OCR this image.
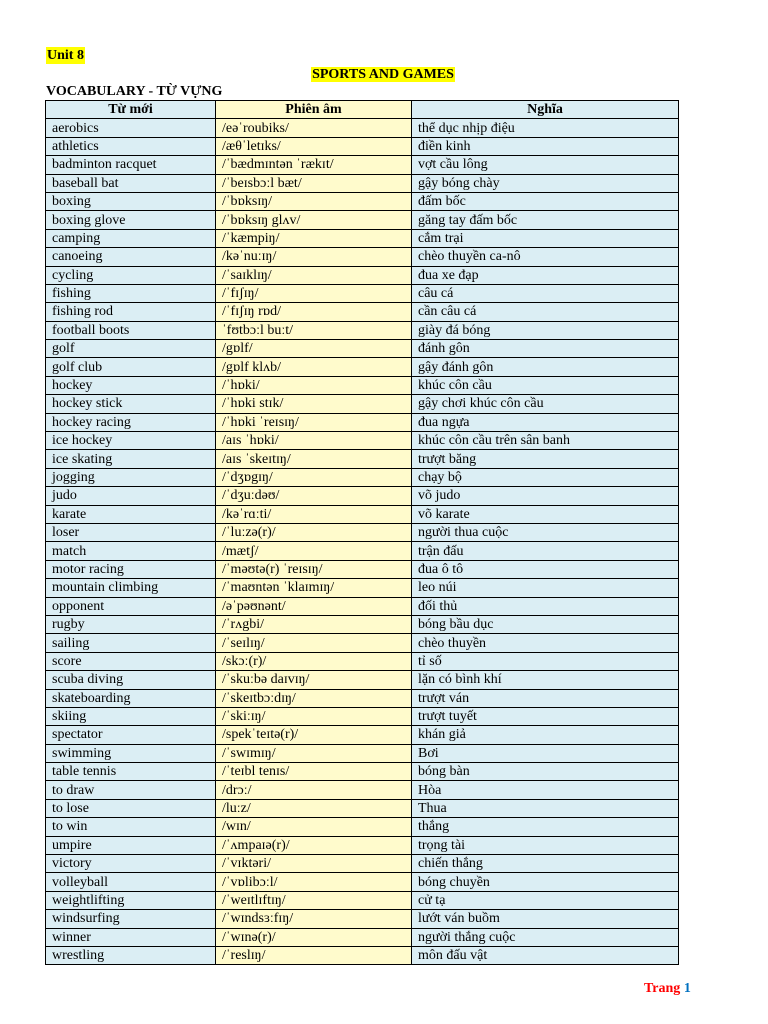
Unit 8
SPORTS AND GAMES
VOCABULARY - TỪ VỰNG
Từ mới	Phiên âm	Nghĩa
aerobics	/eəˈroubiks/	thể dục nhịp điệu
athletics	/æθˈletɪks/	điền kinh
badminton racquet	/ˈbædmɪntən ˈrækɪt/	vợt cầu lông
baseball bat	/ˈbeɪsbɔːl bæt/	gậy bóng chày
boxing	/ˈbɒksɪŋ/	đấm bốc
boxing glove	/ˈbɒksɪŋ glʌv/	găng tay đấm bốc
camping	/ˈkæmpiŋ/	cắm trại
canoeing	/kəˈnuːɪŋ/	chèo thuyền ca-nô
cycling	/ˈsaɪklɪŋ/	đua xe đạp
fishing	/ˈfɪʃɪŋ/	câu cá
fishing rod	/ˈfɪʃɪŋ rɒd/	cần câu cá
football boots	ˈfʊtbɔːl buːt/	giày đá bóng
golf	/gɒlf/	đánh gôn
golf club	/gɒlf klʌb/	gậy đánh gôn
hockey	/ˈhɒki/	khúc côn cầu
hockey stick	/ˈhɒki stɪk/	gậy chơi khúc côn cầu
hockey racing	/ˈhɒki ˈreɪsɪŋ/	đua ngựa
ice hockey	/aɪs ˈhɒki/	khúc côn cầu trên sân banh
ice skating	/aɪs ˈskeɪtɪŋ/	trượt băng
jogging	/ˈdʒɒgɪŋ/	chạy bộ
judo	/ˈdʒuːdəʊ/	võ judo
karate	/kəˈrɑːti/	võ karate
loser	/ˈluːzə(r)/	người thua cuộc
match	/mætʃ/	trận đấu
motor racing	/ˈməʊtə(r) ˈreɪsɪŋ/	đua ô tô
mountain climbing	/ˈmaʊntən ˈklaɪmɪŋ/	leo núi
opponent	/əˈpəʊnənt/	đối thủ
rugby	/ˈrʌgbi/	bóng bầu dục
sailing	/ˈseɪlɪŋ/	chèo thuyền
score	/skɔː(r)/	tỉ số
scuba diving	/ˈskuːbə daɪvɪŋ/	lặn có bình khí
skateboarding	/ˈskeɪtbɔːdɪŋ/	trượt ván
skiing	/ˈskiːɪŋ/	trượt tuyết
spectator	/spekˈteɪtə(r)/	khán giả
swimming	/ˈswɪmɪŋ/	Bơi
table tennis	/ˈteɪbl tenɪs/	bóng bàn
to draw	/drɔː/	Hòa
to lose	/luːz/	Thua
to win	/wɪn/	thắng
umpire	/ˈʌmpaɪə(r)/	trọng tài
victory	/ˈvɪktəri/	chiến thắng
volleyball	/ˈvɒlibɔːl/	bóng chuyền
weightlifting	/ˈweɪtlɪftɪŋ/	cử tạ
windsurfing	/ˈwɪndsɜːfɪŋ/	lướt ván buồm
winner	/ˈwɪnə(r)/	người thắng cuộc
wrestling	/ˈreslɪŋ/	môn đấu vật
Trang 1
